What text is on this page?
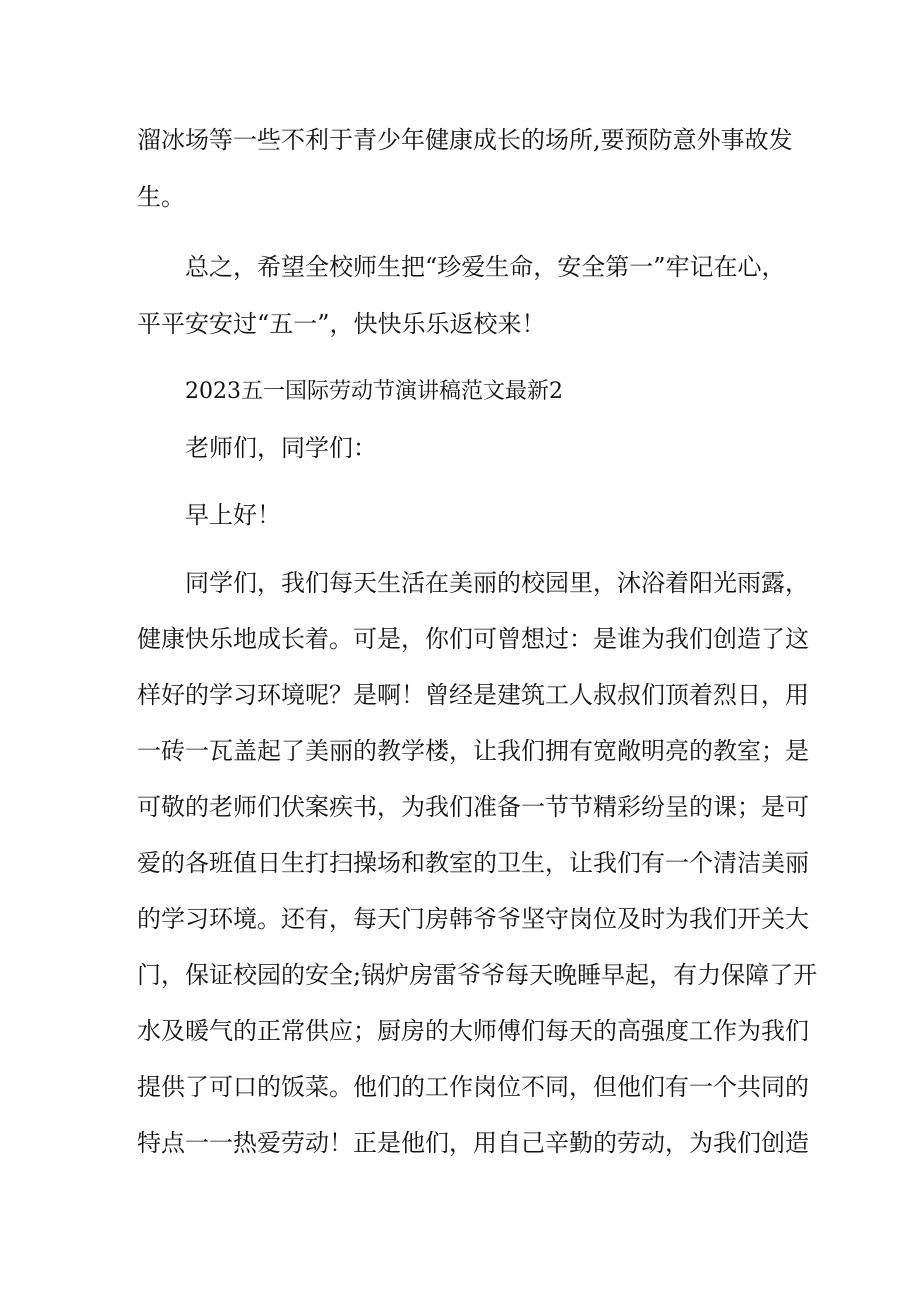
溜冰场等一些不利于青少年健康成长的场所,要预防意外事故发
生。
总之，希望全校师生把“珍爱生命，安全第一”牢记在心，
平平安安过“五一”，快快乐乐返校来！
2023五一国际劳动节演讲稿范文最新2
老师们，同学们：
早上好！
同学们，我们每天生活在美丽的校园里，沐浴着阳光雨露，
健康快乐地成长着。可是，你们可曾想过：是谁为我们创造了这
样好的学习环境呢？是啊！曾经是建筑工人叔叔们顶着烈日，用
一砖一瓦盖起了美丽的教学楼，让我们拥有宽敞明亮的教室；是
可敬的老师们伏案疾书，为我们准备一节节精彩纷呈的课；是可
爱的各班值日生打扫操场和教室的卫生，让我们有一个清洁美丽
的学习环境。还有，每天门房韩爷爷坚守岗位及时为我们开关大
门，保证校园的安全;锅炉房雷爷爷每天晚睡早起，有力保障了开
水及暖气的正常供应；厨房的大师傅们每天的高强度工作为我们
提供了可口的饭菜。他们的工作岗位不同，但他们有一个共同的
特点一一热爱劳动！正是他们，用自己辛勤的劳动，为我们创造
